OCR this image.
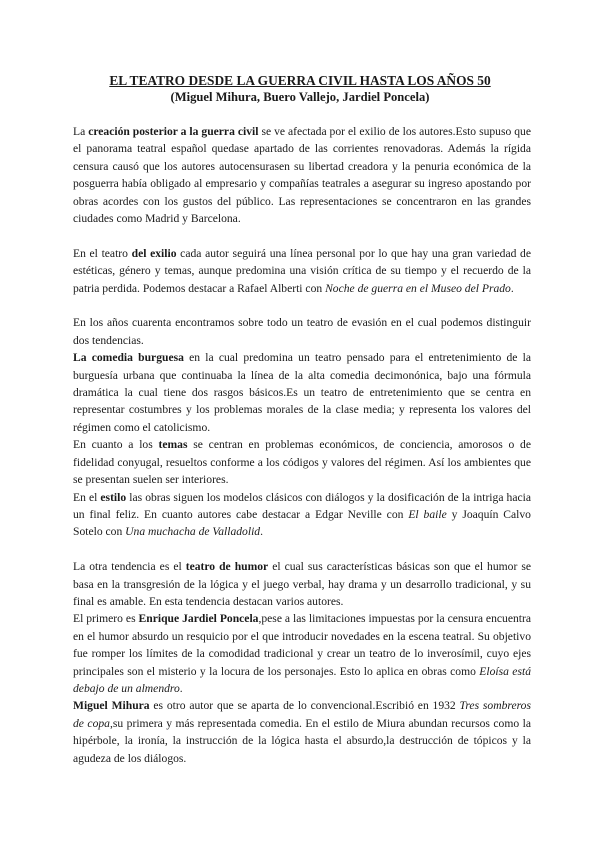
EL TEATRO DESDE LA GUERRA CIVIL HASTA LOS AÑOS 50
(Miguel Mihura, Buero Vallejo, Jardiel Poncela)

La creación posterior a la guerra civil se ve afectada por el exilio de los autores.Esto supuso que el panorama teatral español quedase apartado de las corrientes renovadoras. Además la rígida censura causó que los autores autocensurasen su libertad creadora y la penuria económica de la posguerra había obligado al empresario y compañías teatrales a asegurar su ingreso apostando por obras acordes con los gustos del público. Las representaciones se concentraron en las grandes ciudades como Madrid y Barcelona.

En el teatro del exilio cada autor seguirá una línea personal por lo que hay una gran variedad de estéticas, género y temas, aunque predomina una visión crítica de su tiempo y el recuerdo de la patria perdida. Podemos destacar a Rafael Alberti con Noche de guerra en el Museo del Prado.

En los años cuarenta encontramos sobre todo un teatro de evasión en el cual podemos distinguir dos tendencias.

La comedia burguesa en la cual predomina un teatro pensado para el entretenimiento de la burguesía urbana que continuaba la línea de la alta comedia decimonónica, bajo una fórmula dramática la cual tiene dos rasgos básicos.Es un teatro de entretenimiento que se centra en representar costumbres y los problemas morales de la clase media; y representa los valores del régimen como el catolicismo.

En cuanto a los temas se centran en problemas económicos, de conciencia, amorosos o de fidelidad conyugal, resueltos conforme a los códigos y valores del régimen. Así los ambientes que se presentan suelen ser interiores.

En el estilo las obras siguen los modelos clásicos con diálogos y la dosificación de la intriga hacia un final feliz. En cuanto autores cabe destacar a Edgar Neville con El baile y Joaquín Calvo Sotelo con Una muchacha de Valladolid.

La otra tendencia es el teatro de humor el cual sus características básicas son que el humor se basa en la transgresión de la lógica y el juego verbal, hay drama y un desarrollo tradicional, y su final es amable. En esta tendencia destacan varios autores.

El primero es Enrique Jardiel Poncela,pese a las limitaciones impuestas por la censura encuentra en el humor absurdo un resquicio por el que introducir novedades en la escena teatral. Su objetivo fue romper los límites de la comodidad tradicional y crear un teatro de lo inverosímil, cuyo ejes principales son el misterio y la locura de los personajes. Esto lo aplica en obras como Eloísa está debajo de un almendro.

Miguel Mihura es otro autor que se aparta de lo convencional.Escribió en 1932 Tres sombreros de copa,su primera y más representada comedia. En el estilo de Miura abundan recursos como la hipérbole, la ironía, la instrucción de la lógica hasta el absurdo,la destrucción de tópicos y la agudeza de los diálogos.
